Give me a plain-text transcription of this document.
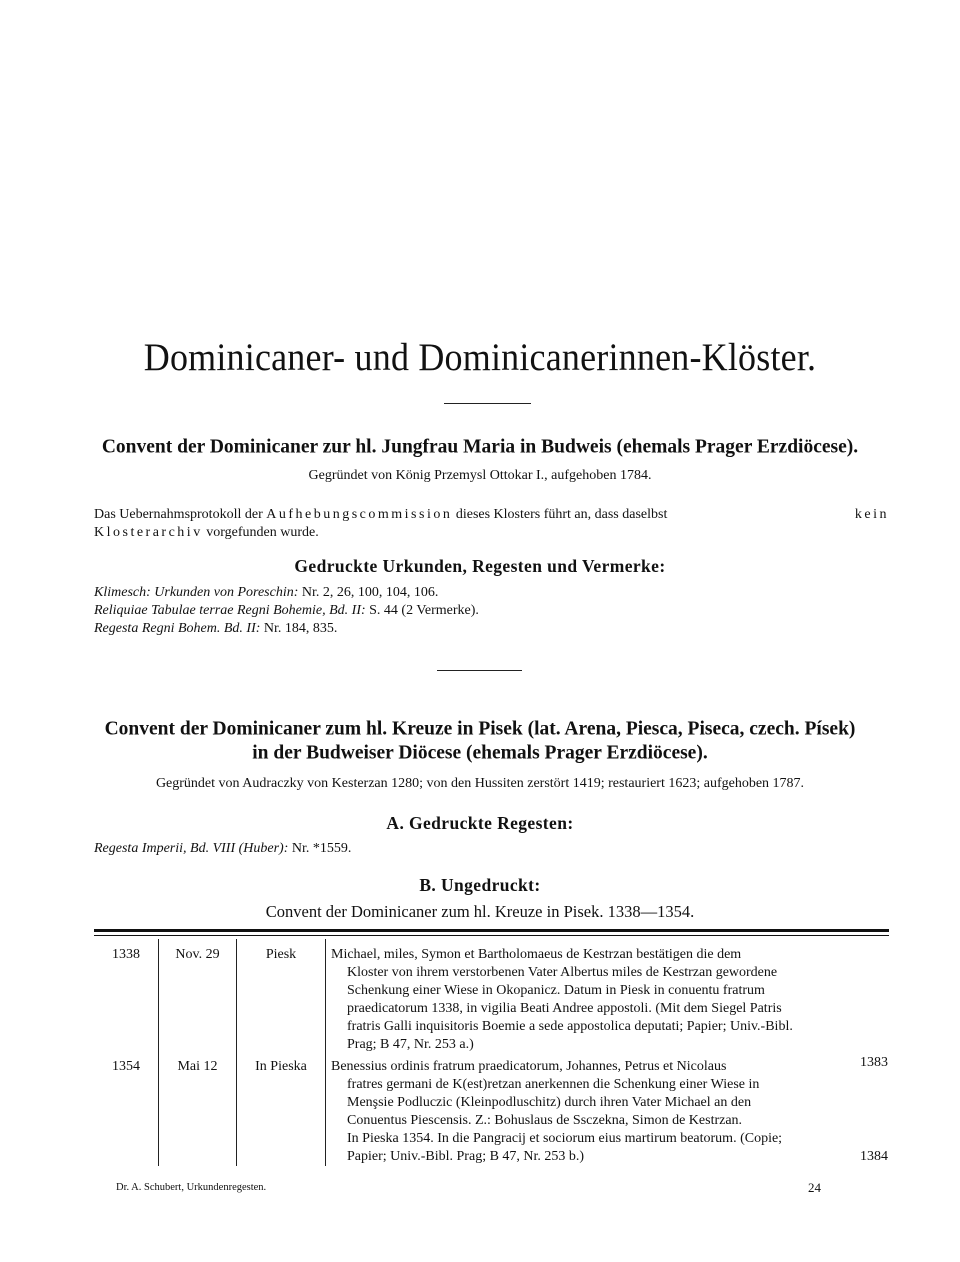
Dominicaner- und Dominicanerinnen-Klöster.
Convent der Dominicaner zur hl. Jungfrau Maria in Budweis (ehemals Prager Erzdiöcese).
Gegründet von König Przemysl Ottokar I., aufgehoben 1784.
Das Uebernahmsprotokoll der Aufhebungscommission dieses Klosters führt an, dass daselbst	kein

Klosterarchiv vorgefunden wurde.
Gedruckte Urkunden, Regesten und Vermerke:
Klimesch: Urkunden von Poreschin: Nr. 2, 26, 100, 104, 106.
Reliquiae Tabulae terrae Regni Bohemie, Bd. II: S. 44 (2 Vermerke).
Regesta Regni Bohem. Bd. II: Nr. 184, 835.
Convent der Dominicaner zum hl. Kreuze in Pisek (lat. Arena, Piesca, Piseca, czech. Písek)
in der Budweiser Diöcese (ehemals Prager Erzdiöcese).
Gegründet von Audraczky von Kesterzan 1280; von den Hussiten zerstört 1419; restauriert 1623; aufgehoben 1787.
A. Gedruckte Regesten:
Regesta Imperii, Bd. VIII (Huber): Nr. *1559.
B. Ungedruckt:
Convent der Dominicaner zum hl. Kreuze in Pisek. 1338—1354.
1338	Nov. 29	Piesk	Michael, miles, Symon et Bartholomaeus de Kestrzan bestätigen die dem
Kloster von ihrem verstorbenen Vater Albertus miles de Kestrzan gewordene
Schenkung einer Wiese in Okopanicz. Datum in Piesk in conuentu fratrum
praedicatorum 1338, in vigilia Beati Andree appostoli. (Mit dem Siegel Patris
fratris Galli inquisitoris Boemie a sede appostolica deputati; Papier; Univ.-Bibl.
Prag; B 47, Nr. 253 a.)
1383
1354	Mai 12	In Pieska	Benessius ordinis fratrum praedicatorum, Johannes, Petrus et Nicolaus
fratres germani de K(est)retzan anerkennen die Schenkung einer Wiese in
Menşsie Podluczic (Kleinpodluschitz) durch ihren Vater Michael an den
Conuentus Piescensis. Z.: Bohuslaus de Ssczekna, Simon de Kestrzan.
In Pieska 1354. In die Pangracij et sociorum eius martirum beatorum. (Copie;
Papier; Univ.-Bibl. Prag; B 47, Nr. 253 b.)	1384
Dr. A. Schubert, Urkundenregesten.	24
